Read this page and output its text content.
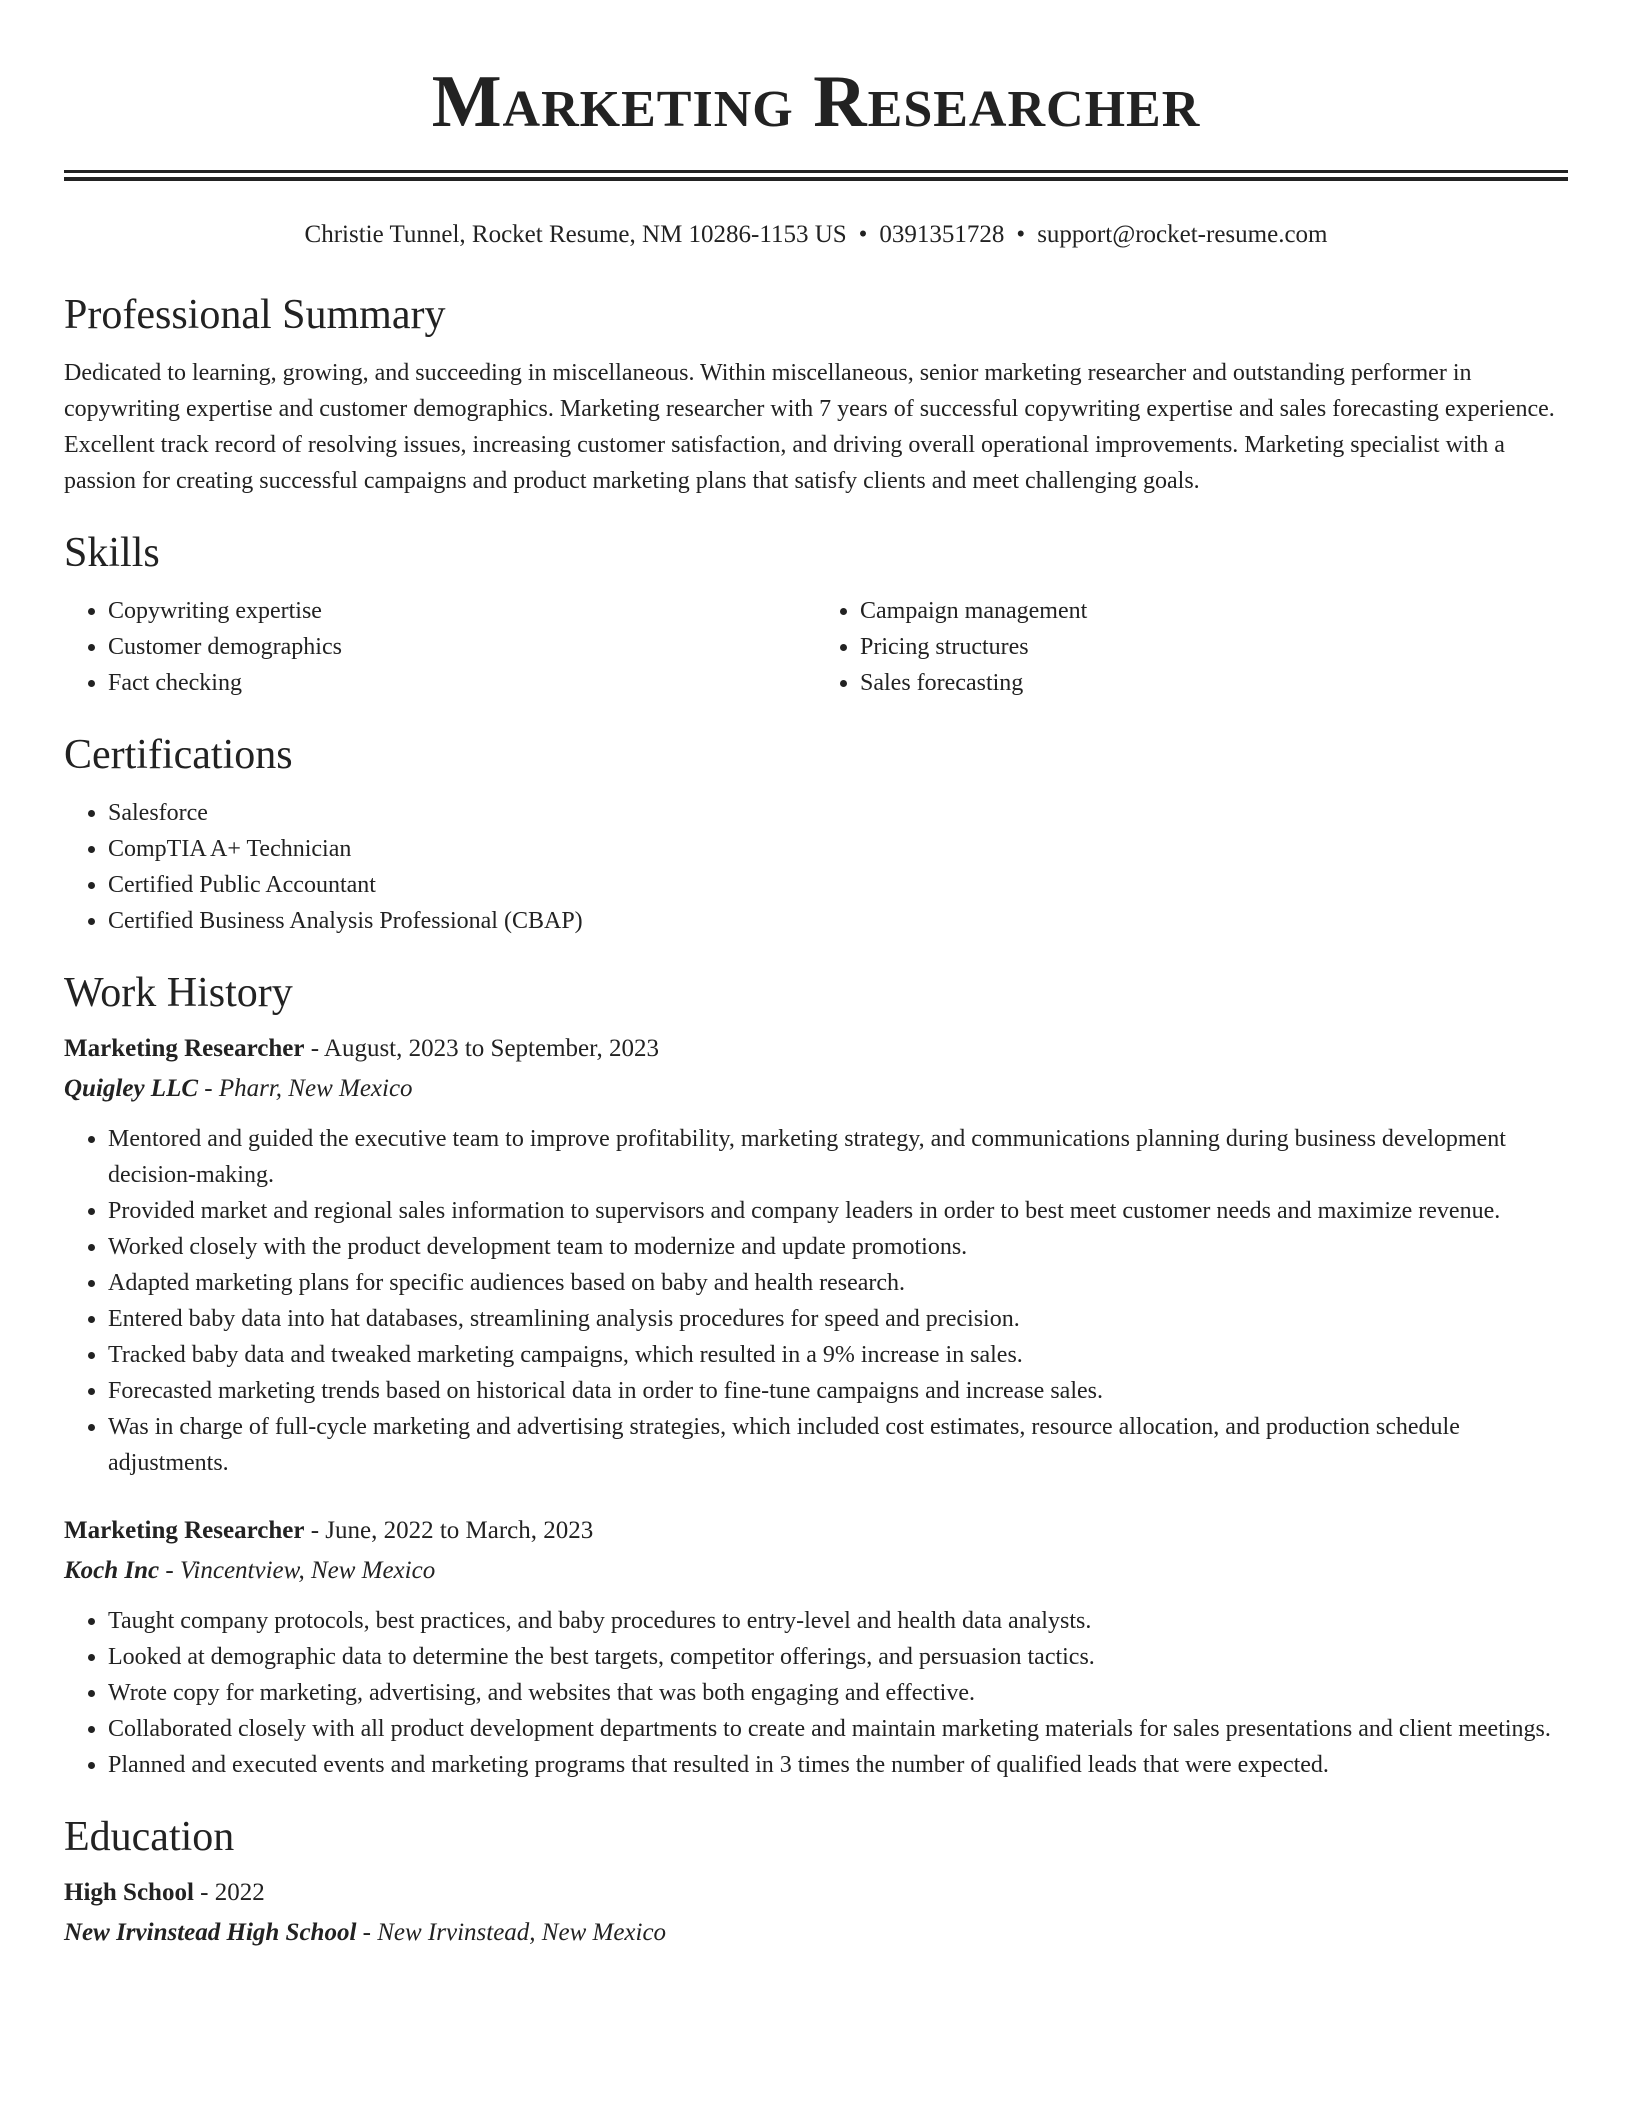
Marketing Researcher
Christie Tunnel, Rocket Resume, NM 10286-1153 US • 0391351728 • support@rocket-resume.com
Professional Summary

Dedicated to learning, growing, and succeeding in miscellaneous. Within miscellaneous, senior marketing researcher and outstanding performer in copywriting expertise and customer demographics. Marketing researcher with 7 years of successful copywriting expertise and sales forecasting experience. Excellent track record of resolving issues, increasing customer satisfaction, and driving overall operational improvements. Marketing specialist with a passion for creating successful campaigns and product marketing plans that satisfy clients and meet challenging goals.

Skills
• Copywriting expertise
• Customer demographics
• Fact checking
• Campaign management
• Pricing structures
• Sales forecasting
Certifications
• Salesforce
• CompTIA A+ Technician
• Certified Public Accountant
• Certified Business Analysis Professional (CBAP)
Work History
Marketing Researcher - August, 2023 to September, 2023
Quigley LLC - Pharr, New Mexico
• Mentored and guided the executive team to improve profitability, marketing strategy, and communications planning during business development decision-making.
• Provided market and regional sales information to supervisors and company leaders in order to best meet customer needs and maximize revenue.
• Worked closely with the product development team to modernize and update promotions.
• Adapted marketing plans for specific audiences based on baby and health research.
• Entered baby data into hat databases, streamlining analysis procedures for speed and precision.
• Tracked baby data and tweaked marketing campaigns, which resulted in a 9% increase in sales.
• Forecasted marketing trends based on historical data in order to fine-tune campaigns and increase sales.
• Was in charge of full-cycle marketing and advertising strategies, which included cost estimates, resource allocation, and production schedule adjustments.
Marketing Researcher - June, 2022 to March, 2023
Koch Inc - Vincentview, New Mexico
• Taught company protocols, best practices, and baby procedures to entry-level and health data analysts.
• Looked at demographic data to determine the best targets, competitor offerings, and persuasion tactics.
• Wrote copy for marketing, advertising, and websites that was both engaging and effective.
• Collaborated closely with all product development departments to create and maintain marketing materials for sales presentations and client meetings.
• Planned and executed events and marketing programs that resulted in 3 times the number of qualified leads that were expected.
Education
High School - 2022
New Irvinstead High School - New Irvinstead, New Mexico
